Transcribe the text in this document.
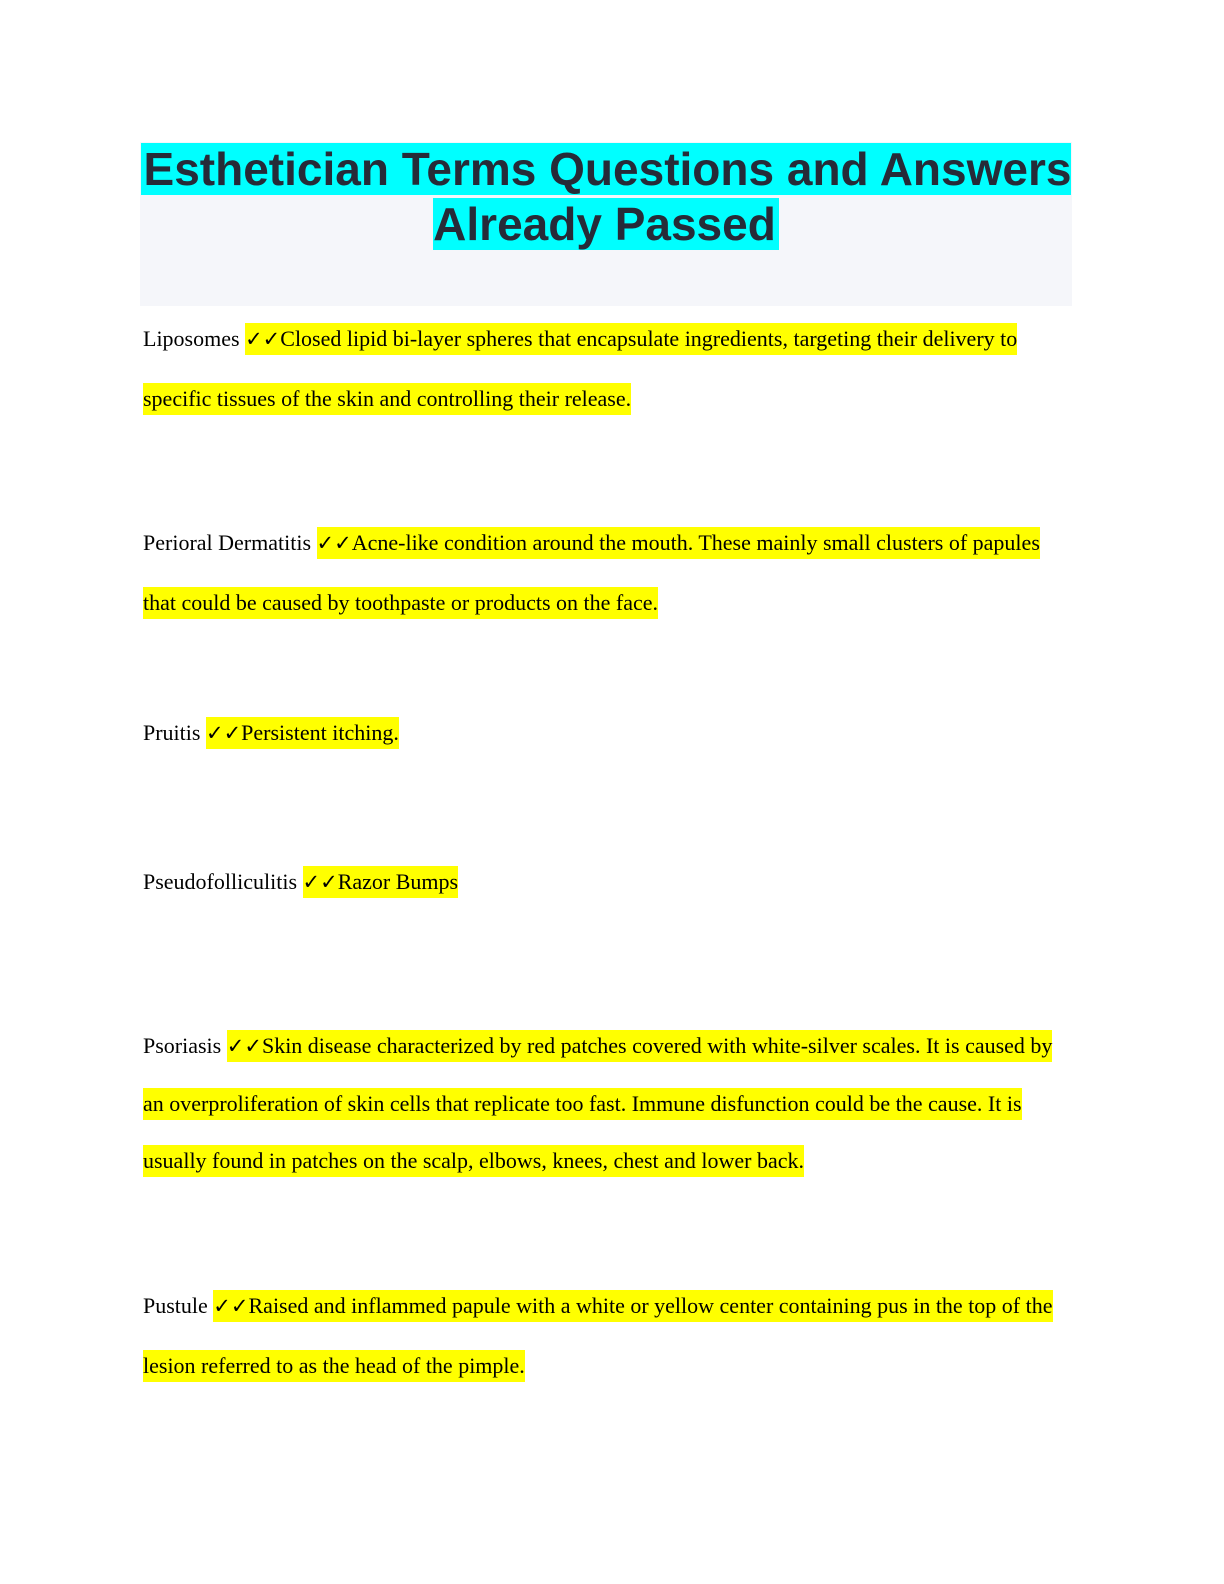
Esthetician Terms Questions and Answers Already Passed

Liposomes ✓✓Closed lipid bi-layer spheres that encapsulate ingredients, targeting their delivery to specific tissues of the skin and controlling their release.

Perioral Dermatitis ✓✓Acne-like condition around the mouth. These mainly small clusters of papules that could be caused by toothpaste or products on the face.

Pruitis ✓✓Persistent itching.

Pseudofolliculitis ✓✓Razor Bumps

Psoriasis ✓✓Skin disease characterized by red patches covered with white-silver scales. It is caused by an overproliferation of skin cells that replicate too fast. Immune disfunction could be the cause. It is usually found in patches on the scalp, elbows, knees, chest and lower back.

Pustule ✓✓Raised and inflammed papule with a white or yellow center containing pus in the top of the lesion referred to as the head of the pimple.
